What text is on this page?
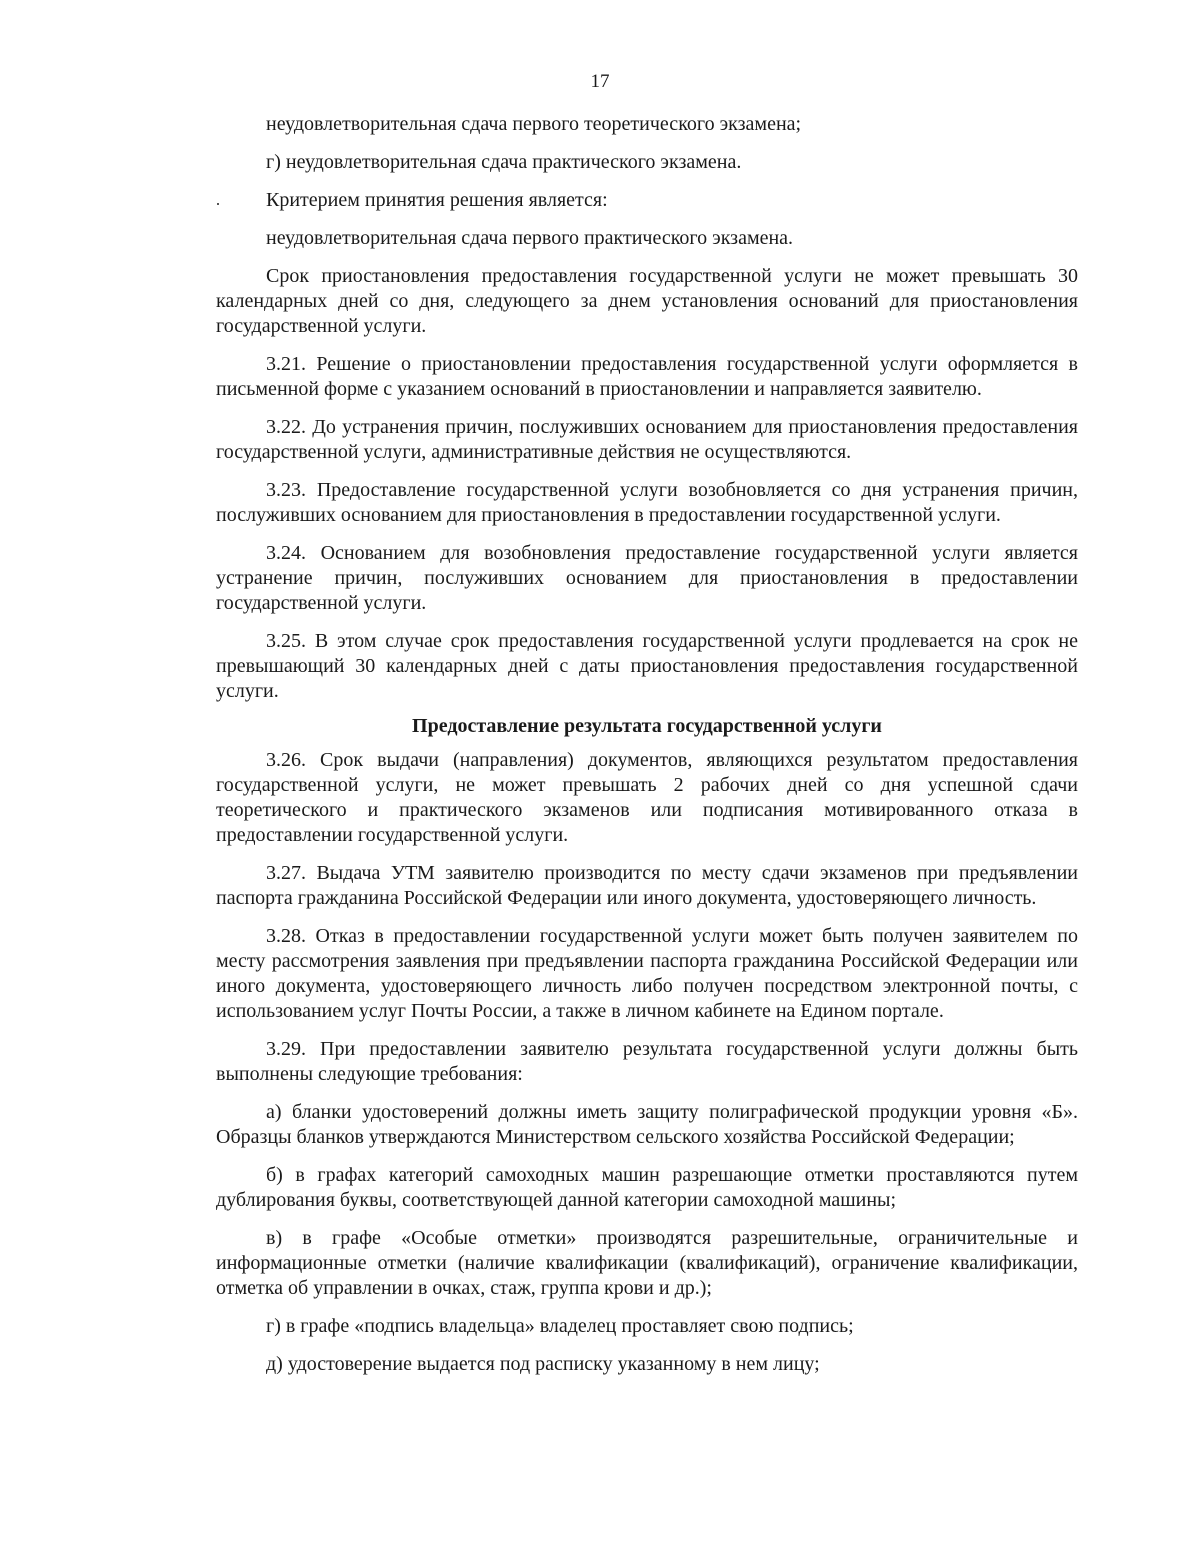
17

неудовлетворительная сдача первого теоретического экзамена;

г) неудовлетворительная сдача практического экзамена.

Критерием принятия решения является:

неудовлетворительная сдача первого практического экзамена.

Срок приостановления предоставления государственной услуги не может превышать 30 календарных дней со дня, следующего за днем установления оснований для приостановления государственной услуги.

3.21. Решение о приостановлении предоставления государственной услуги оформляется в письменной форме с указанием оснований в приостановлении и направляется заявителю.

3.22. До устранения причин, послуживших основанием для приостановления предоставления государственной услуги, административные действия не осуществляются.

3.23. Предоставление государственной услуги возобновляется со дня устранения причин, послуживших основанием для приостановления в предоставлении государственной услуги.

3.24. Основанием для возобновления предоставление государственной услуги является устранение причин, послуживших основанием для приостановления в предоставлении государственной услуги.

3.25. В этом случае срок предоставления государственной услуги продлевается на срок не превышающий 30 календарных дней с даты приостановления предоставления государственной услуги.

Предоставление результата государственной услуги

3.26. Срок выдачи (направления) документов, являющихся результатом предоставления государственной услуги, не может превышать 2 рабочих дней со дня успешной сдачи теоретического и практического экзаменов или подписания мотивированного отказа в предоставлении государственной услуги.

3.27. Выдача УТМ заявителю производится по месту сдачи экзаменов при предъявлении паспорта гражданина Российской Федерации или иного документа, удостоверяющего личность.

3.28. Отказ в предоставлении государственной услуги может быть получен заявителем по месту рассмотрения заявления при предъявлении паспорта гражданина Российской Федерации или иного документа, удостоверяющего личность либо получен посредством электронной почты, с использованием услуг Почты России, а также в личном кабинете на Едином портале.

3.29. При предоставлении заявителю результата государственной услуги должны быть выполнены следующие требования:

а) бланки удостоверений должны иметь защиту полиграфической продукции уровня «Б». Образцы бланков утверждаются Министерством сельского хозяйства Российской Федерации;

б) в графах категорий самоходных машин разрешающие отметки проставляются путем дублирования буквы, соответствующей данной категории самоходной машины;

в) в графе «Особые отметки» производятся разрешительные, ограничительные и информационные отметки (наличие квалификации (квалификаций), ограничение квалификации, отметка об управлении в очках, стаж, группа крови и др.);

г) в графе «подпись владельца» владелец проставляет свою подпись;

д) удостоверение выдается под расписку указанному в нем лицу;
